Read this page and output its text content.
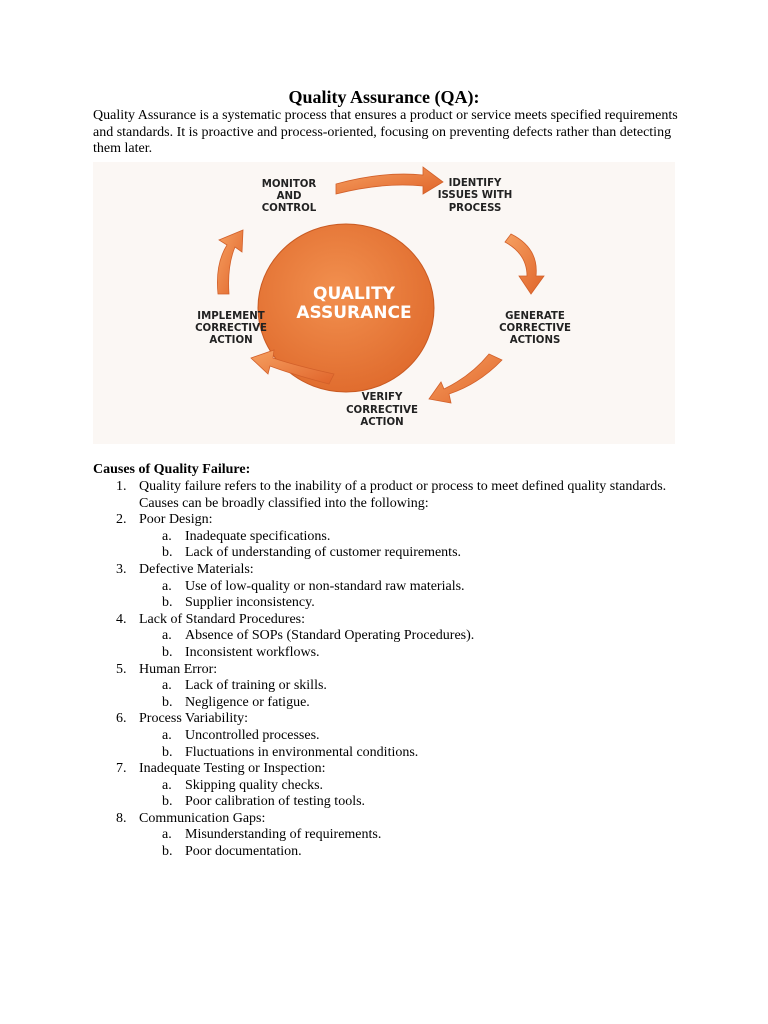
Quality Assurance (QA):

Quality Assurance is a systematic process that ensures a product or service meets specified requirements and standards. It is proactive and process-oriented, focusing on preventing defects rather than detecting them later.

QUALITY
ASSURANCE
MONITOR
AND
CONTROL
IDENTIFY
ISSUES WITH
PROCESS
GENERATE
CORRECTIVE
ACTIONS
VERIFY
CORRECTIVE
ACTION
IMPLEMENT
CORRECTIVE
ACTION
Causes of Quality Failure:
1. Quality failure refers to the inability of a product or process to meet defined quality standards. Causes can be broadly classified into the following:
2. Poor Design:
a. Inadequate specifications.
b. Lack of understanding of customer requirements.
3. Defective Materials:
a. Use of low-quality or non-standard raw materials.
b. Supplier inconsistency.
4. Lack of Standard Procedures:
a. Absence of SOPs (Standard Operating Procedures).
b. Inconsistent workflows.
5. Human Error:
a. Lack of training or skills.
b. Negligence or fatigue.
6. Process Variability:
a. Uncontrolled processes.
b. Fluctuations in environmental conditions.
7. Inadequate Testing or Inspection:
a. Skipping quality checks.
b. Poor calibration of testing tools.
8. Communication Gaps:
a. Misunderstanding of requirements.
b. Poor documentation.
